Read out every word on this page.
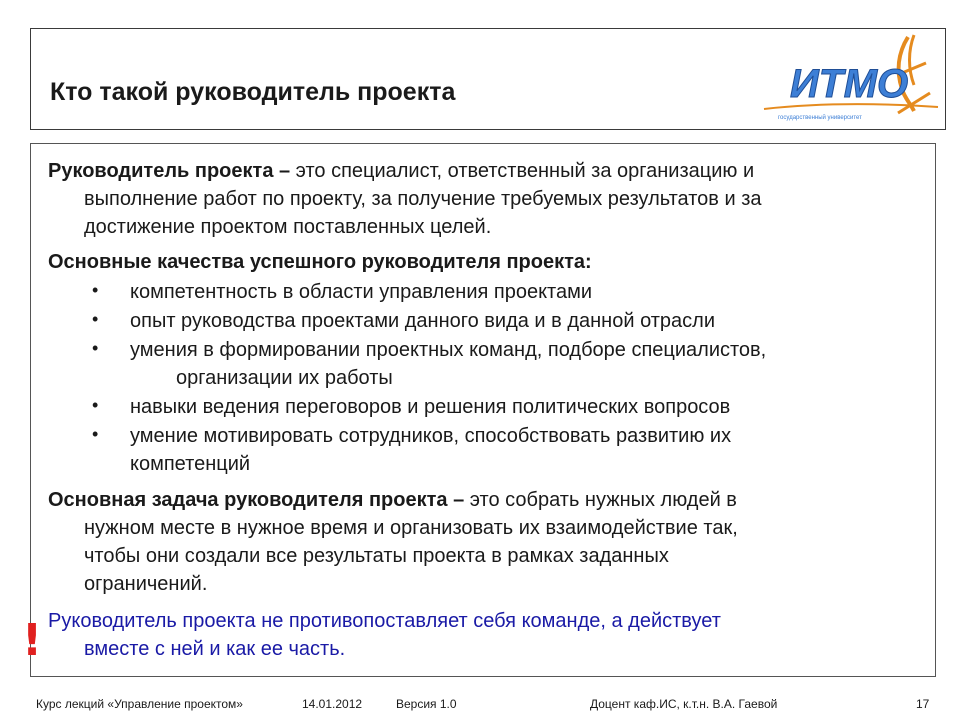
Кто такой руководитель проекта	ИТМО
государственный университет
Руководитель проекта – это специалист, ответственный за организацию и
выполнение работ по проекту, за получение требуемых результатов и за
достижение проектом поставленных целей.
Основные качества успешного руководителя проекта:
• компетентность в области управления проектами
• опыт руководства проектами данного вида и в данной отрасли
• умения в формировании проектных команд, подборе специалистов,
организации их работы
• навыки ведения переговоров и решения политических вопросов
• умение мотивировать сотрудников, способствовать развитию их
компетенций
Основная задача руководителя проекта – это собрать нужных людей в
нужном месте в нужное время и организовать их взаимодействие так,
чтобы они создали все результаты проекта в рамках заданных
ограничений.
Руководитель проекта не противопоставляет себя команде, а действует
вместе с ней и как ее часть.
!
Курс лекций «Управление проектом»	14.01.2012	Версия 1.0	Доцент каф.ИС, к.т.н. В.А. Гаевой	17
